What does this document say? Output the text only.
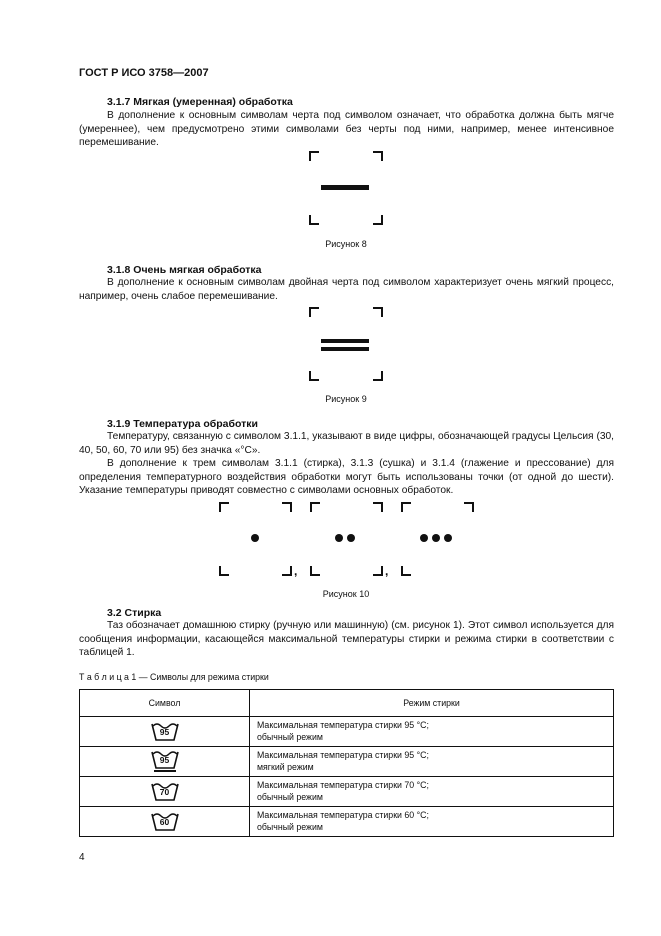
ГОСТ Р ИСО 3758—2007
3.1.7 Мягкая (умеренная) обработка

В дополнение к основным символам черта под символом означает, что обработка должна быть мягче (умереннее), чем предусмотрено этими символами без черты под ними, например, менее интенсивное перемешивание.

Рисунок 8
3.1.8 Очень мягкая обработка

В дополнение к основным символам двойная черта под символом характеризует очень мягкий процесс, например, очень слабое перемешивание.

Рисунок 9
3.1.9 Температура обработки

Температуру, связанную с символом 3.1.1, указывают в виде цифры, обозначающей градусы Цельсия (30, 40, 50, 60, 70 или 95) без значка «°С».

В дополнение к трем символам 3.1.1 (стирка), 3.1.3 (сушка) и 3.1.4 (глажение и прессование) для определения температурного воздействия обработки могут быть использованы точки (от одной до шести). Указание температуры приводят совместно с символами основных обработок.

,	,
Рисунок 10
3.2 Стирка

Таз обозначает домашнюю стирку (ручную или машинную) (см. рисунок 1). Этот символ используется для сообщения информации, касающейся максимальной температуры стирки и режима стирки в соответствии с таблицей 1.

Т а б л и ц а 1 — Символы для режима стирки
Символ	Режим стирки

95	Максимальная температура стирки 95 °С;
обычный режим

95	Максимальная температура стирки 95 °С;
мягкий режим

70	Максимальная температура стирки 70 °С;
обычный режим

60	Максимальная температура стирки 60 °С;
обычный режим
4
